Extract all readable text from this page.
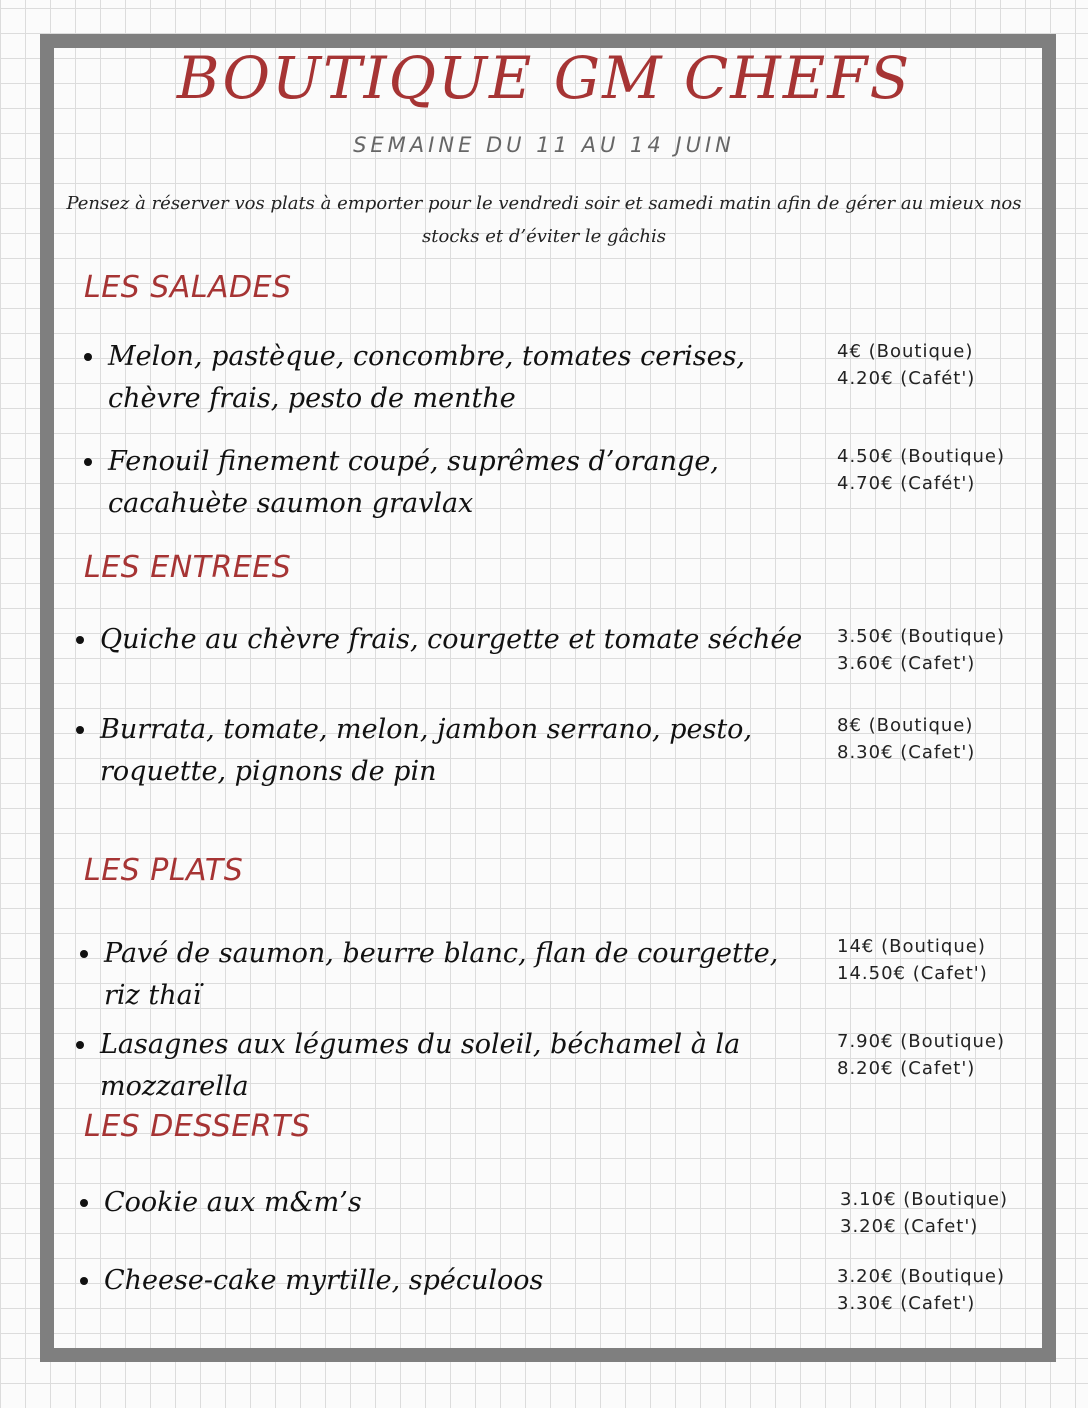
BOUTIQUE GM CHEFS

SEMAINE DU 11 AU 14 JUIN

Pensez à réserver vos plats à emporter pour le vendredi soir et samedi matin afin de gérer au mieux nos stocks et d’éviter le gâchis

LES SALADES
Melon, pastèque, concombre, tomates cerises, chèvre frais, pesto de menthe
4€ (Boutique)
4.20€ (Cafét')
Fenouil finement coupé, suprêmes d’orange, cacahuète saumon gravlax
4.50€ (Boutique)
4.70€ (Cafét')
LES ENTREES
Quiche au chèvre frais, courgette et tomate séchée 3.50€ (Boutique)
3.60€ (Cafet')
Burrata, tomate, melon, jambon serrano, pesto, roquette, pignons de pin
8€ (Boutique)
8.30€ (Cafet')
LES PLATS
Pavé de saumon, beurre blanc, flan de courgette, riz thaï
14€ (Boutique)
14.50€ (Cafet')
Lasagnes aux légumes du soleil, béchamel à la mozzarella
7.90€ (Boutique)
8.20€ (Cafet')
LES DESSERTS
Cookie aux m&m’s	3.10€ (Boutique)
3.20€ (Cafet')
Cheese-cake myrtille, spéculoos	3.20€ (Boutique)
3.30€ (Cafet')
